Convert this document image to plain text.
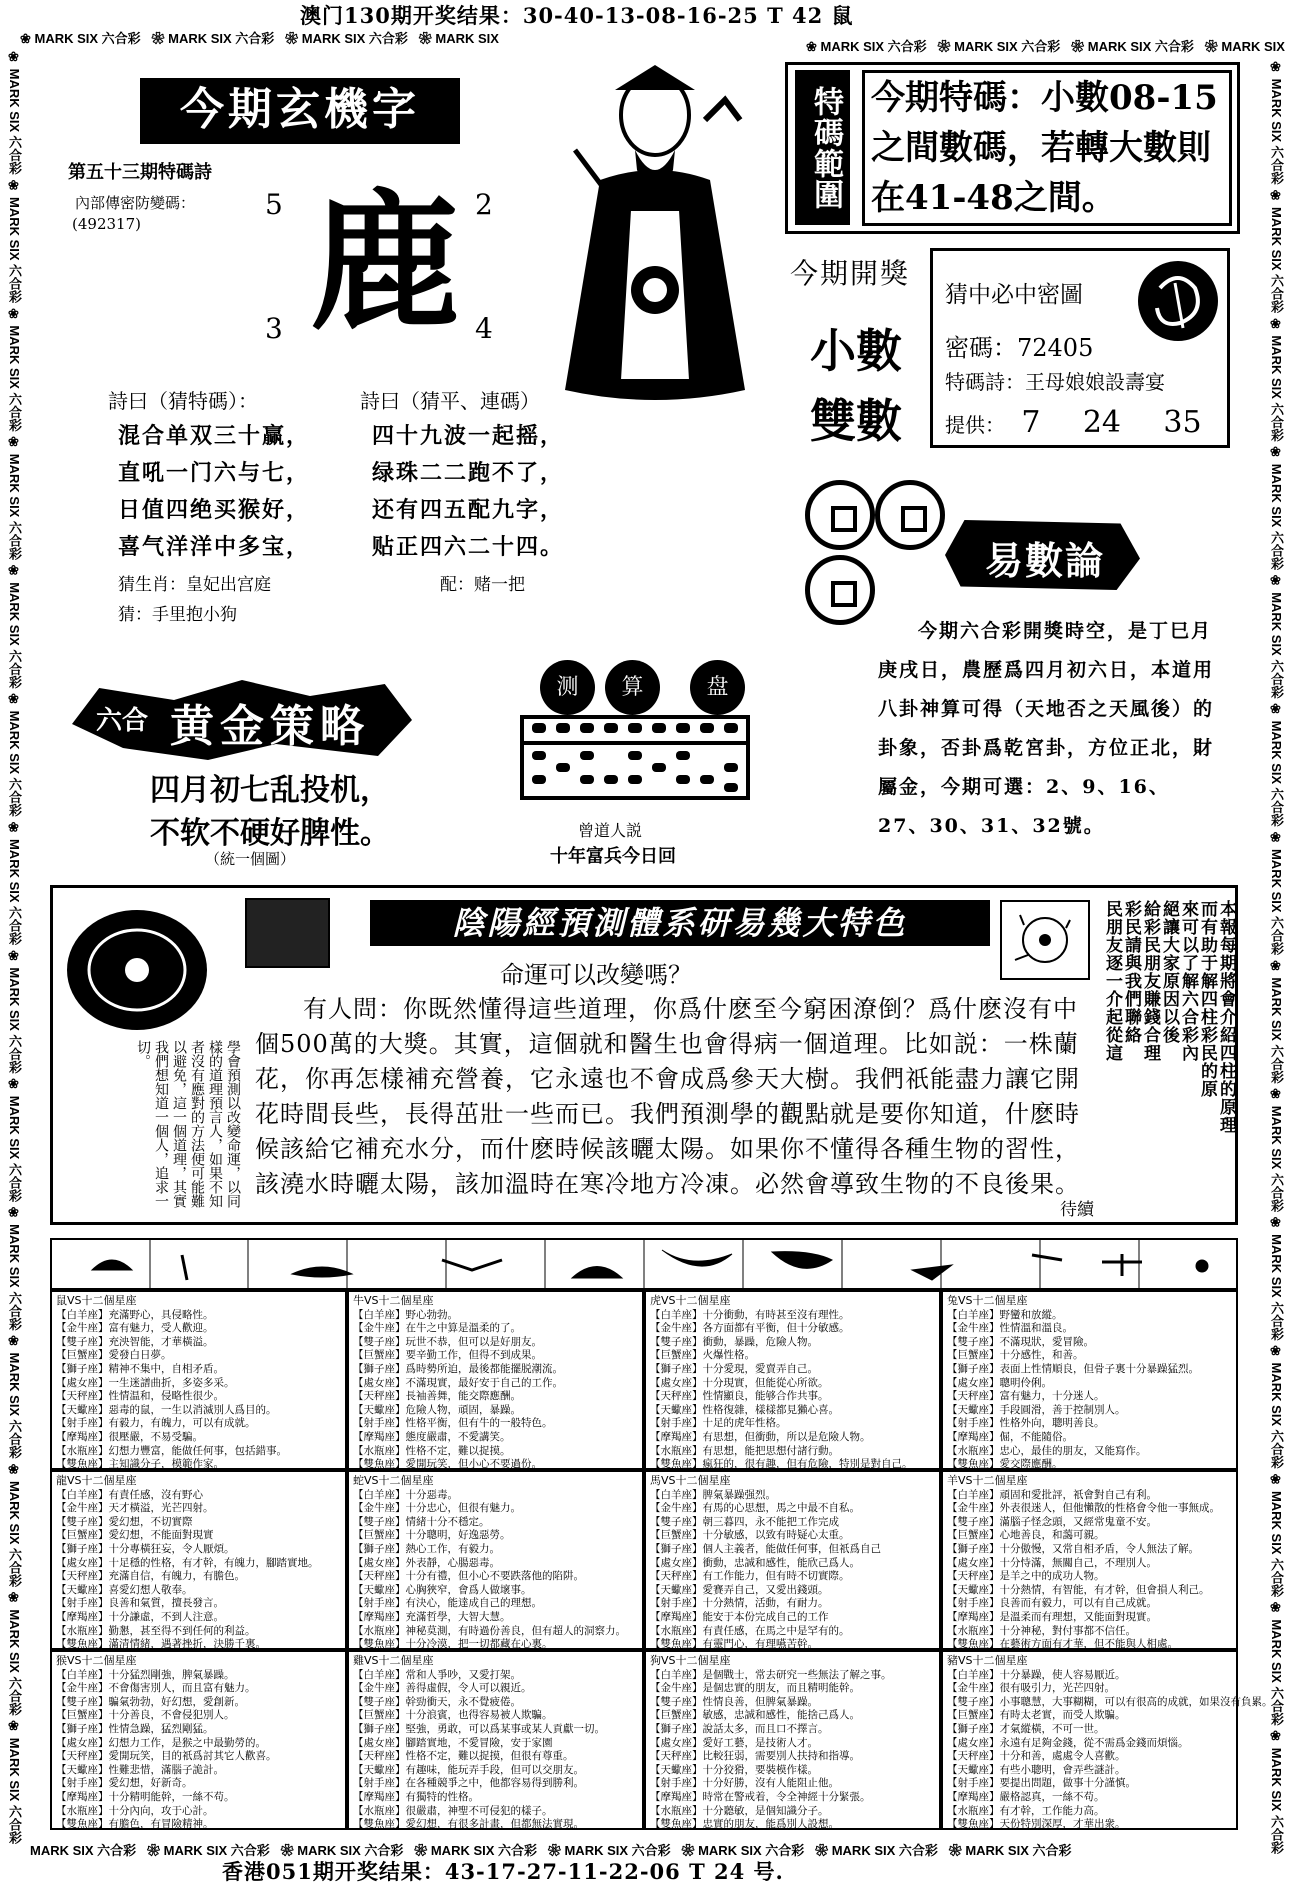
澳门130期开奖结果：30-40-13-08-16-25 T 42 鼠
❀ MARK SIX 六合彩   ❀ MARK SIX 六合彩   ❀ MARK SIX 六合彩   ❀ MARK SIX
❀ MARK SIX 六合彩   ❀ MARK SIX 六合彩   ❀ MARK SIX 六合彩   ❀ MARK SIX
❀ MARK SIX 六合彩 ❀ MARK SIX 六合彩 ❀ MARK SIX 六合彩 ❀ MARK SIX 六合彩 ❀ MARK SIX 六合彩 ❀ MARK SIX 六合彩 ❀ MARK SIX 六合彩 ❀ MARK SIX 六合彩 ❀ MARK SIX 六合彩 ❀ MARK SIX 六合彩 ❀ MARK SIX 六合彩 ❀ MARK SIX 六合彩 ❀ MARK SIX 六合彩 ❀ MARK SIX 六合彩	❀ MARK SIX 六合彩 ❀ MARK SIX 六合彩 ❀ MARK SIX 六合彩 ❀ MARK SIX 六合彩 ❀ MARK SIX 六合彩 ❀ MARK SIX 六合彩 ❀ MARK SIX 六合彩 ❀ MARK SIX 六合彩 ❀ MARK SIX 六合彩 ❀ MARK SIX 六合彩 ❀ MARK SIX 六合彩 ❀ MARK SIX 六合彩 ❀ MARK SIX 六合彩 ❀ MARK SIX 六合彩
MARK SIX 六合彩   ❀ MARK SIX 六合彩   ❀ MARK SIX 六合彩   ❀ MARK SIX 六合彩   ❀ MARK SIX 六合彩   ❀ MARK SIX 六合彩   ❀ MARK SIX 六合彩   ❀ MARK SIX 六合彩
今期玄機字
第五十三期特碼詩
內部傳密防變碼：
(492317)
5	2
3	4
鹿
詩曰（猜特碼）：	詩曰（猜平、連碼）
混合单双三十赢，
直吼一门六与七，
日值四绝买猴好，
喜气洋洋中多宝，
四十九波一起摇，
绿珠二二跑不了，
还有四五配九字，
贴正四六二十四。
猜生肖：皇妃出宫庭	配：赌一把
猜：手里抱小狗
六合 黄金策略
四月初七乱投机，
不软不硬好脾性。
（統一個圖）
测	算	盘
曾道人説
十年富兵今日回
特碼範圍 今期特碼：小數08-15之間數碼，若轉大數則在41-48之間。
今期開獎
小數
雙數
猜中必中密圖
密碼：72405
特碼詩：王母娘娘設壽宴
提供： 7 24 35
易數論
今期六合彩開獎時空，是丁巳月庚戌日，農歷爲四月初六日，本道用八卦神算可得（天地否之天風後）的卦象，否卦爲乾宮卦，方位正北，財屬金，今期可選：2、9、16、27、30、31、32號。
陰陽經預測體系研易幾大特色
命運可以改變嗎？
學會預測以改變命運，以同樣的道理預言人，如果不知者沒有應對的方法便可能難以避免，這一個道理，其實我們想知道一個人，追求一切。
有人問：你既然懂得這些道理，你爲什麽至今窮困潦倒？爲什麽沒有中個500萬的大獎。其實，這個就和醫生也會得病一個道理。比如説：一株蘭花，你再怎樣補充營養，它永遠也不會成爲參天大樹。我們祇能盡力讓它開花時間長些，長得茁壯一些而已。我們預測學的觀點就是要你知道，什麽時候該給它補充水分，而什麽時候該曬太陽。如果你不懂得各種生物的習性，該澆水時曬太陽，該加溫時在寒冷地方冷凍。必然會導致生物的不良後果。
待續
本報每期將會介紹四柱的原理
而有助于解四柱彩民的原
來可以了解六合彩內
絕讓大家原因以後
給彩民朋友賺錢合理
彩民請與我們聯絡
民朋友逐一介起從這
鼠VS十二個星座
【白羊座】充滿野心，具侵略性。
【金牛座】富有魅力，受人歡迎。
【雙子座】充泱智能，才華橫溢。
【巨蟹座】愛發白日夢。
【獅子座】精神不集中，自相矛盾。
【處女座】一生迷譜曲折，多姿多采。
【天秤座】性情温和，侵略性很少。
【天蠍座】惡毒的鼠，一生以消滅別人爲目的。
【射手座】有毅力，有魄力，可以有成就。
【摩羯座】很壓嚴，不易受騙。
【水瓶座】幻想力豐富，能做任何事，包括錯事。
【雙魚座】主知識分子，模範作家。
牛VS十二個星座
【白羊座】野心勃勃。
【金牛座】在牛之中算是溫柔的了。
【雙子座】玩世不恭，但可以是好朋友。
【巨蟹座】要辛勤工作，但得不到成果。
【獅子座】爲時勢所迫，最後都能擺脱潮流。
【處女座】不滿現實，最好安于自己的工作。
【天秤座】長袖善舞，能交際應酬。
【天蠍座】危險人物，頑固，暴躁。
【射手座】性格平衡，但有牛的一般特色。
【摩羯座】態度嚴肅，不愛講笑。
【水瓶座】性格不定，難以捉摸。
【雙魚座】愛開玩笑，但小心不要過份。
虎VS十二個星座
【白羊座】十分衝動，有時甚至沒有理性。
【金牛座】各方面都有平衡，但十分敏感。
【雙子座】衝動，暴躁，危險人物。
【巨蟹座】火爆性格。
【獅子座】十分愛現，愛賣弄自己。
【處女座】十分現實，但能從心所欲。
【天秤座】性情顯良，能够合作共事。
【天蠍座】性格復雜，樣樣都見獺心喜。
【射手座】十足的虎年性格。
【摩羯座】有思想，但衝動，所以是危險人物。
【水瓶座】有思想，能把思想付諸行動。
【雙魚座】瘋狂的，很有趣，但有危險，特別是對自己。
兔VS十二個星座
【白羊座】野蠻和放縱。
【金牛座】性情溫和溫良。
【雙子座】不滿現狀，愛冒險。
【巨蟹座】十分感性，和善。
【獅子座】表面上性情順良，但骨子裏十分暴躁猛烈。
【處女座】聰明伶俐。
【天秤座】富有魅力，十分迷人。
【天蠍座】手段圓滑，善于控制別人。
【射手座】性格外向，聰明善良。
【摩羯座】倔，不能隨俗。
【水瓶座】忠心，最佳的朋友，又能寫作。
【雙魚座】愛交際應酬。
龍VS十二個星座
【白羊座】有責任感，沒有野心
【金牛座】天才橫溢，光芒四射。
【雙子座】愛幻想，不切實際
【巨蟹座】愛幻想，不能面對現實
【獅子座】十分專橫狂妄，令人厭煩。
【處女座】十足穩的性格，有才幹，有魄力，腳踏實地。
【天秤座】充滿自信，有魄力，有膽色。
【天蠍座】喜愛幻想人敬奉。
【射手座】良善和氣質，擅長發言。
【摩羯座】十分謙虛，不到人注意。
【水瓶座】勤懇，甚至得不到任何的利益。
【雙魚座】滿清情緒，遇著挫折，決勝千裏。
蛇VS十二個星座
【白羊座】十分惡毒。
【金牛座】十分忠心，但很有魅力。
【雙子座】情緒十分不穩定。
【巨蟹座】十分聰明，好逸惡勞。
【獅子座】熱心工作，有毅力。
【處女座】外表靜，心腸惡毒。
【天秤座】十分有禮，但小心不要跌落他的陷阱。
【天蠍座】心胸狹窄，會爲人做壞事。
【射手座】有決心，能達成自己的理想。
【摩羯座】充滿哲學，大智大慧。
【水瓶座】神秘莫測，有時過份善良，但有超人的洞察力。
【雙魚座】十分冷漠，把一切都藏在心裏。
馬VS十二個星座
【白羊座】脾氣暴躁强烈。
【金牛座】有馬的心思想，馬之中最不自私。
【雙子座】朝三暮四，永不能把工作完成
【巨蟹座】十分敏感，以致有時疑心太重。
【獅子座】個人主義者，能做任何事，但祇爲自己
【處女座】衝動，忠誠和感性，能欣己爲人。
【天秤座】有工作能力，但有時不切實際。
【天蠍座】愛賽弄自己，又愛出錢頭。
【射手座】十分熱情，活動，有耐力。
【摩羯座】能安于本份完成自己的工作
【水瓶座】有責任感，在馬之中是罕有的。
【雙魚座】有靈門心，有理嚥苦幹。
羊VS十二個星座
【白羊座】頑固和愛批評，祇會對自己有利。
【金牛座】外表很迷人，但他懶散的性格會令他一事無成。
【雙子座】滿腦子怪念頭，又經常鬼童不安。
【巨蟹座】心地善良，和藹可親。
【獅子座】十分傲慢，又常自相矛盾，令人無法了解。
【處女座】十分恃滿，無關自己，不理別人。
【天秤座】是羊之中的成功人物。
【天蠍座】十分熱情，有智能，有才幹，但會損人利己。
【射手座】良善而有毅力，可以有自己成就。
【摩羯座】是溫柔而有理想，又能面對現實。
【水瓶座】十分神秘，對付事都不信任。
【雙魚座】在藝術方面有才華，但不能與人相處。
猴VS十二個星座
【白羊座】十分猛烈剛強，脾氣暴躁。
【金牛座】不會傷害別人，而且富有魅力。
【雙子座】騙氣勃勃，好幻想，愛創新。
【巨蟹座】十分善良，不會侵犯別人。
【獅子座】性情急躁，猛烈剛猛。
【處女座】幻想力工作，是猴之中最勤勞的。
【天秤座】愛開玩笑，目的祇爲討其它人歡喜。
【天蠍座】性難悲惜，滿腦子詭計。
【射手座】愛幻想，好新奇。
【摩羯座】十分精明能幹，一絲不苟。
【水瓶座】十分內向，攻于心計。
【雙魚座】有膽色，有冒險精神。
雞VS十二個星座
【白羊座】常和人爭吵，又愛打架。
【金牛座】善得虛假，令人可以親近。
【雙子座】幹勁衝天，永不覺疲倦。
【巨蟹座】十分浪賓，也得容易被人欺騙。
【獅子座】堅強，勇敢，可以爲某事或某人貢獻一切。
【處女座】腳踏實地，不愛冒險，安于家園
【天秤座】性格不定，難以捉摸，但很有尊重。
【天蠍座】有趣味，能玩弄手段，但可以交朋友。
【射手座】在各種競爭之中，他都容易得到勝利。
【摩羯座】有獨特的性格。
【水瓶座】很嚴肅，神聖不可侵犯的樣子。
【雙魚座】愛幻想，有很多計畫，但都無法實現。
狗VS十二個星座
【白羊座】是個戰士，常去研究一些無法了解之事。
【金牛座】是個忠實的朋友，而且精明能幹。
【雙子座】性情良善，但脾氣暴躁。
【巨蟹座】敏感，忠誠和感性，能捨己爲人。
【獅子座】說話太多，而且口不擇言。
【處女座】愛好工藝，是技術人才。
【天秤座】比較狂弱，需要別人扶持和指導。
【天蠍座】十分狡猾，要裝模作樣。
【射手座】十分好勝，沒有人能阻止他。
【摩羯座】時常在警戒着，令全神經十分緊張。
【水瓶座】十分聽敏，是個知識分子。
【雙魚座】忠實的朋友，能爲別人設想。
豬VS十二個星座
【白羊座】十分暴躁，使人容易厭近。
【金牛座】很有吸引力，光芒四射。
【雙子座】小事聰慧，大事糊糊，可以有很高的成就，如果沒有負累。
【巨蟹座】有時太老實，而受人欺騙。
【獅子座】才氣縱橫，不可一世。
【處女座】永遠有足夠金錢，從不需爲金錢而煩惱。
【天秤座】十分和善，處處令人喜歡。
【天蠍座】有些小聰明，會弄些謎計。
【射手座】要提出問題，做事十分謹慎。
【摩羯座】嚴格認真，一絲不苟。
【水瓶座】有才幹，工作能力高。
【雙魚座】天份特別深厚，才華出衆。
香港051期开奖结果：43-17-27-11-22-06 T 24 号.
